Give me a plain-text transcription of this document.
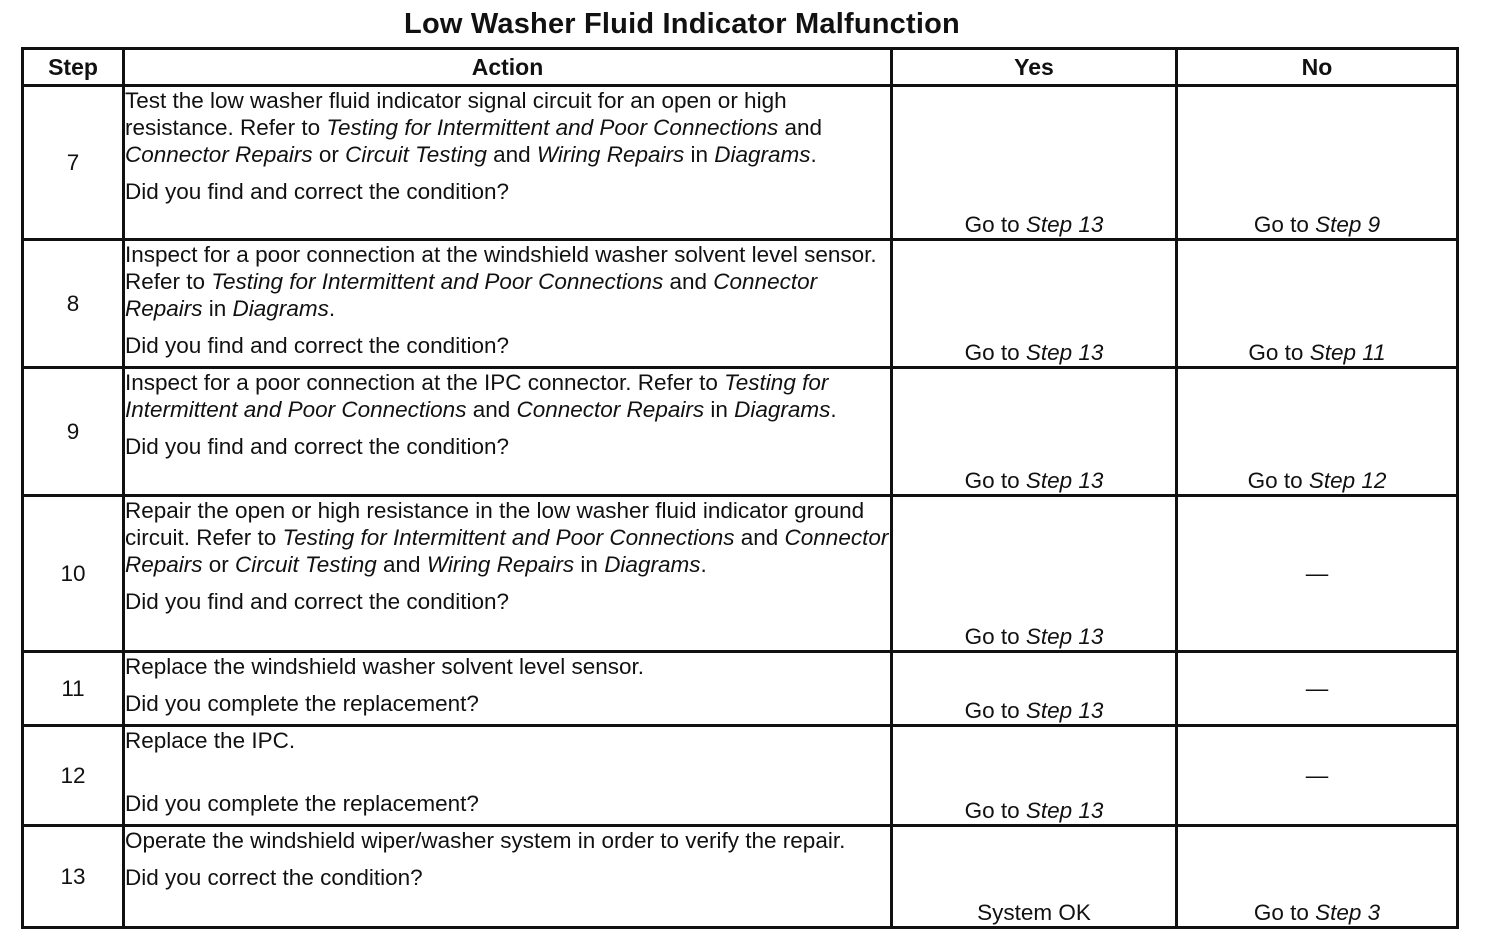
Low Washer Fluid Indicator Malfunction
Step	Action	Yes	No
7	Test the low washer fluid indicator signal circuit for an open or high resistance. Refer to Testing for Intermittent and Poor Connections and Connector Repairs or Circuit Testing and Wiring Repairs in Diagrams.

Did you find and correct the condition?	Go to Step 13	Go to Step 9
8	Inspect for a poor connection at the windshield washer solvent level sensor. Refer to Testing for Intermittent and Poor Connections and Connector Repairs in Diagrams.

Did you find and correct the condition?	Go to Step 13	Go to Step 11
9	Inspect for a poor connection at the IPC connector. Refer to Testing for Intermittent and Poor Connections and Connector Repairs in Diagrams.

Did you find and correct the condition?	Go to Step 13	Go to Step 12
10	Repair the open or high resistance in the low washer fluid indicator ground circuit. Refer to Testing for Intermittent and Poor Connections and Connector Repairs or Circuit Testing and Wiring Repairs in Diagrams.

Did you find and correct the condition?	Go to Step 13	—
11	Replace the windshield washer solvent level sensor.

Did you complete the replacement?	Go to Step 13	—
12	Replace the IPC.

Did you complete the replacement?	Go to Step 13	—
13	Operate the windshield wiper/washer system in order to verify the repair.

Did you correct the condition?	System OK	Go to Step 3
